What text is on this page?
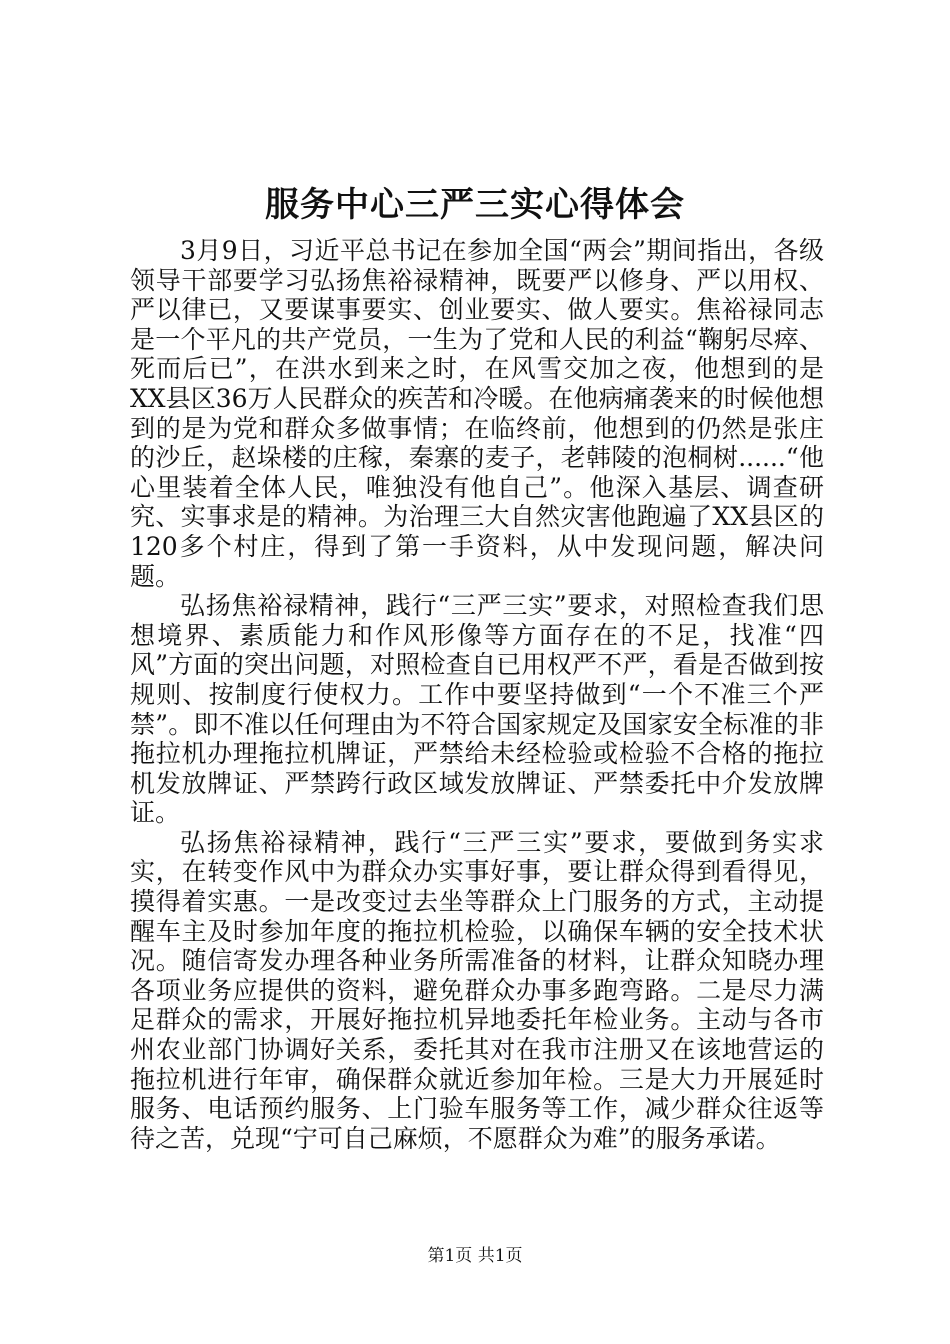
服务中心三严三实心得体会

3月9日，习近平总书记在参加全国“两会”期间指出，各级领导干部要学习弘扬焦裕禄精神，既要严以修身、严以用权、严以律已，又要谋事要实、创业要实、做人要实。焦裕禄同志是一个平凡的共产党员，一生为了党和人民的利益“鞠躬尽瘁、死而后已”，在洪水到来之时，在风雪交加之夜，他想到的是XX县区36万人民群众的疾苦和冷暖。在他病痛袭来的时候他想到的是为党和群众多做事情；在临终前，他想到的仍然是张庄的沙丘，赵垛楼的庄稼，秦寨的麦子，老韩陵的泡桐树......“他心里装着全体人民，唯独没有他自己”。他深入基层、调查研究、实事求是的精神。为治理三大自然灾害他跑遍了XX县区的120多个村庄，得到了第一手资料，从中发现问题，解决问题。

弘扬焦裕禄精神，践行“三严三实”要求，对照检查我们思想境界、素质能力和作风形像等方面存在的不足，找准“四风”方面的突出问题，对照检查自已用权严不严，看是否做到按规则、按制度行使权力。工作中要坚持做到“一个不准三个严禁”。即不准以任何理由为不符合国家规定及国家安全标准的非拖拉机办理拖拉机牌证，严禁给未经检验或检验不合格的拖拉机发放牌证、严禁跨行政区域发放牌证、严禁委托中介发放牌证。

弘扬焦裕禄精神，践行“三严三实”要求，要做到务实求实，在转变作风中为群众办实事好事，要让群众得到看得见，摸得着实惠。一是改变过去坐等群众上门服务的方式，主动提醒车主及时参加年度的拖拉机检验，以确保车辆的安全技术状况。随信寄发办理各种业务所需准备的材料，让群众知晓办理各项业务应提供的资料，避免群众办事多跑弯路。二是尽力满足群众的需求，开展好拖拉机异地委托年检业务。主动与各市州农业部门协调好关系，委托其对在我市注册又在该地营运的拖拉机进行年审，确保群众就近参加年检。三是大力开展延时服务、电话预约服务、上门验车服务等工作，减少群众往返等待之苦，兑现“宁可自己麻烦，不愿群众为难”的服务承诺。

第1页 共1页
